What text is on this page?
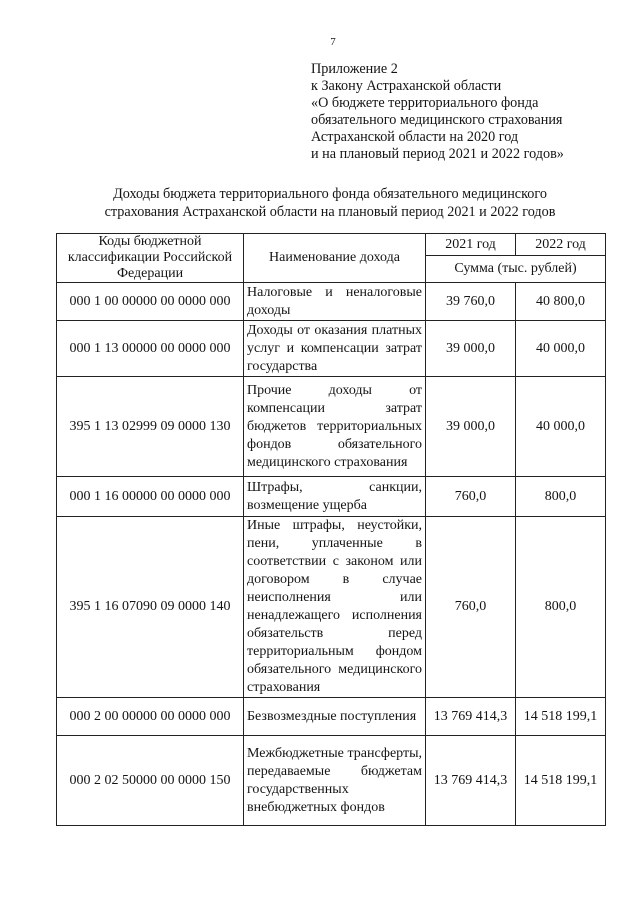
7
Приложение 2
к Закону Астраханской области
«О бюджете территориального фонда
обязательного медицинского страхования
Астраханской области на 2020 год
и на плановый период 2021 и 2022 годов»
Доходы бюджета территориального фонда обязательного медицинского
страхования Астраханской области на плановый период 2021 и 2022 годов
Коды бюджетной классификации Российской Федерации	Наименование дохода	2021 год	2022 год
		Сумма (тыс. рублей)	
000 1 00 00000 00 0000 000	Налоговые и неналоговые доходы	39 760,0	40 800,0
000 1 13 00000 00 0000 000	Доходы от оказания платных услуг и компенсации затрат государства	39 000,0	40 000,0
395 1 13 02999 09 0000 130	Прочие доходы от компенсации затрат бюджетов территориальных фондов обязательного медицинского страхования	39 000,0	40 000,0
000 1 16 00000 00 0000 000	Штрафы, санкции, возмещение ущерба	760,0	800,0
395 1 16 07090 09 0000 140	Иные штрафы, неустойки, пени, уплаченные в соответствии с законом или договором в случае неисполнения или ненадлежащего исполнения обязательств перед территориальным фондом обязательного медицинского страхования	760,0	800,0
000 2 00 00000 00 0000 000	Безвозмездные поступления	13 769 414,3	14 518 199,1
000 2 02 50000 00 0000 150	Межбюджетные трансферты, передаваемые бюджетам государственных внебюджетных фондов	13 769 414,3	14 518 199,1
